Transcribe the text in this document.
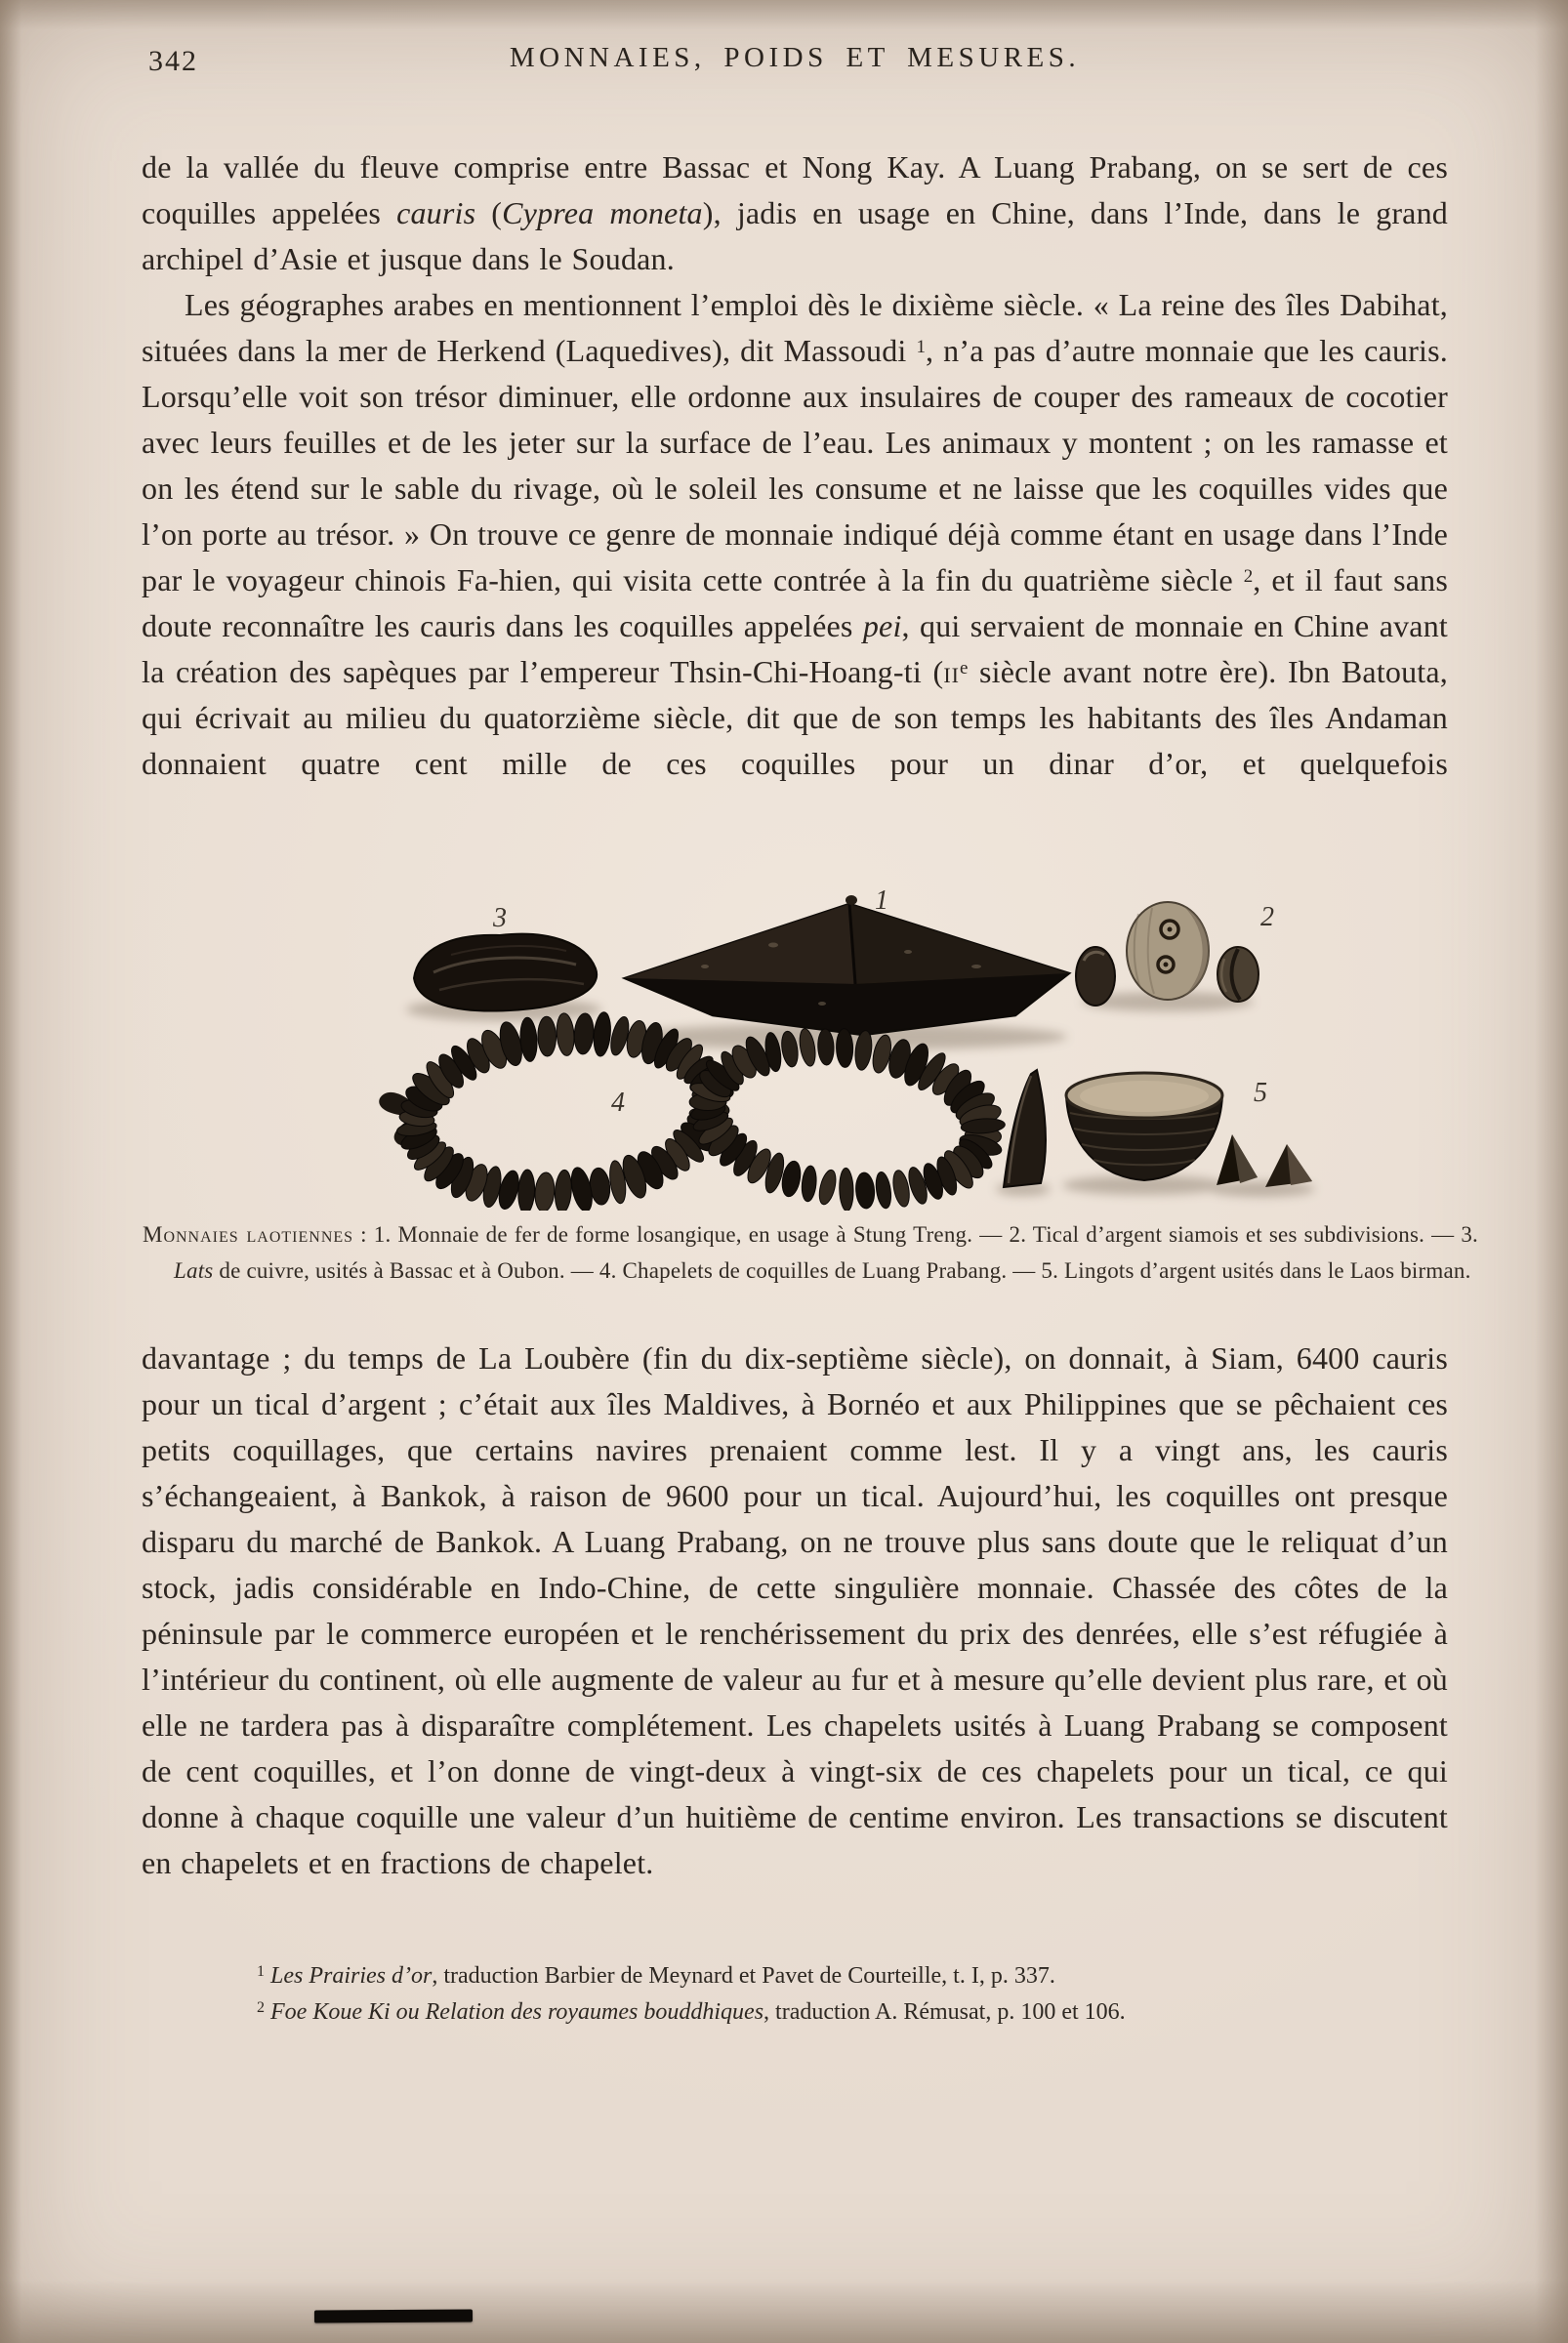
342	MONNAIES, POIDS ET MESURES.

de la vallée du fleuve comprise entre Bassac et Nong Kay. A Luang Prabang, on se sert de ces coquilles appelées cauris (Cyprea moneta), jadis en usage en Chine, dans l’Inde, dans le grand archipel d’Asie et jusque dans le Soudan.

Les géographes arabes en mentionnent l’emploi dès le dixième siècle. « La reine des îles Dabihat, situées dans la mer de Herkend (Laquedives), dit Massoudi $^1$, n’a pas d’autre monnaie que les cauris. Lorsqu’elle voit son trésor diminuer, elle ordonne aux insulaires de couper des rameaux de cocotier avec leurs feuilles et de les jeter sur la surface de l’eau. Les animaux y montent ; on les ramasse et on les étend sur le sable du rivage, où le soleil les consume et ne laisse que les coquilles vides que l’on porte au trésor. » On trouve ce genre de monnaie indiqué déjà comme étant en usage dans l’Inde par le voyageur chinois Fa-hien, qui visita cette contrée à la fin du quatrième siècle $^2$, et il faut sans doute reconnaître les cauris dans les coquilles appelées pei, qui servaient de monnaie en Chine avant la création des sapèques par l’empereur Thsin-Chi-Hoang-ti ($ii^e$ siècle avant notre ère). Ibn Batouta, qui écrivait au milieu du quatorzième siècle, dit que de son temps les habitants des îles Andaman donnaient quatre cent mille de ces coquilles pour un dinar d’or, et quelquefois

1
2
3
4	5

Monnaies laotiennes : 1. Monnaie de fer de forme losangique, en usage à Stung Treng. — 2. Tical d’argent siamois et ses subdivisions. — 3. Lats de cuivre, usités à Bassac et à Oubon. — 4. Chapelets de coquilles de Luang Prabang. — 5. Lingots d’argent usités dans le Laos birman.

davantage ; du temps de La Loubère (fin du dix-septième siècle), on donnait, à Siam, 6400 cauris pour un tical d’argent ; c’était aux îles Maldives, à Bornéo et aux Philippines que se pêchaient ces petits coquillages, que certains navires prenaient comme lest. Il y a vingt ans, les cauris s’échangeaient, à Bankok, à raison de 9600 pour un tical. Aujourd’hui, les coquilles ont presque disparu du marché de Bankok. A Luang Prabang, on ne trouve plus sans doute que le reliquat d’un stock, jadis considérable en Indo-Chine, de cette singulière monnaie. Chassée des côtes de la péninsule par le commerce européen et le renchérissement du prix des denrées, elle s’est réfugiée à l’intérieur du continent, où elle augmente de valeur au fur et à mesure qu’elle devient plus rare, et où elle ne tardera pas à disparaître complétement. Les chapelets usités à Luang Prabang se composent de cent coquilles, et l’on donne de vingt-deux à vingt-six de ces chapelets pour un tical, ce qui donne à chaque coquille une valeur d’un huitième de centime environ. Les transactions se discutent en chapelets et en fractions de chapelet.

$^1$ Les Prairies d’or, traduction Barbier de Meynard et Pavet de Courteille, t. I, p. 337.

$^2$ Foe Koue Ki ou Relation des royaumes bouddhiques, traduction A. Rémusat, p. 100 et 106.
